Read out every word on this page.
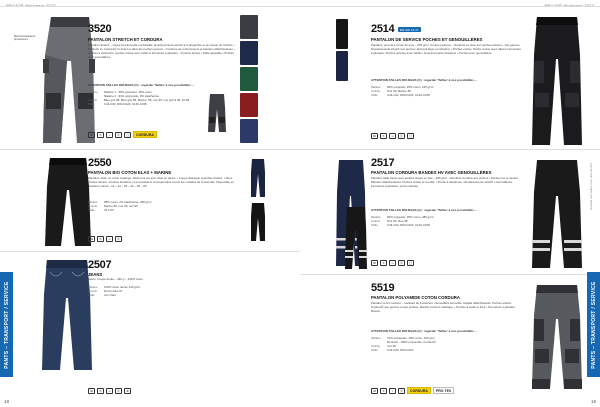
PROJOB Workwear 2023
Renforts/tasques
protecteurs
3520
PANTALON STRETCH ET CORDURA
Pantalon Stretch – coupe fonctionnelle confortable. Empiècements stretch à l'entrejambe et au niveau de l'arrière. • Renforts en Cordura® à l'avant et dans les poches genoux. • Ceinture de renforcement et bandes réfléchissantes. • Poches à cartouche, poches cuisse avec rabat et fermeture à glissière. • Poches arrière • Taille ajustable • Poches pour genouillères.
ATTENTION TAILLES DOUBLES (C) : regarder 'Tailles' à nos possibilités ...
Matière	Matière 1 : 65% polyester, 35% coton
Matière 2 : 91% polyamide, 9% élasthanne
Coloris	Bleu gris 98, Bleu gris 68, Marine, 58, noir 99, noir gris 9 99, 10 99
Taille	C44-C62, D84-D120, C146-C158
40	✕	•	Ⓧ	◯	CORDURA
2550
PANTALON BIO COTON ELAS + MARINE
Pantalon d'été, en coton mélangé. Idéal pour les jeux d'été en pleine – Coupe classique à jambes droites. • Deux poches devant • Poches fessières • Les pantalons correspondent à tous les modèles de l'ensemble. Disponible en plusieurs coloris : 12 – 24 – 26 – 32 – 60 – 80
Matière	98% coton, 2% élasthanne, 280 g/m²
Coloris	Marine 58, noir 99, noir 99
Taille	34 à 50
40	✕	••	Ⓧ
2507
JEANS
Jeans. Coupe droite – 440 g – 100% coton.
Matière	100% coton denim 440 g/m²
Coloris	Denim bleu 57
Taille	voir chart
40	✕	••	Ⓧ	⊗
PANTS – TRANSPORT / SERVICE
18
PROJOB Workwear 2023
2514	EN ISO 13 47
PANTALON DE SERVICE POCHES ET GENOUILLÈRES
Pantalon, pour des zones de tous – 245 g/m². Coupe moderne – Renforts en tissu aux jambes d'avant – bas genoux. Empiècements stretch aux genoux, élément léger et résistant. • Poches cuisse. Poche cuisse avec rabat et fermeture à glissière. Poches arrières avec rabats • Empiècements d'aisance • Poches pour genouillères.
ATTENTION TAILLES DOUBLES (C) : regarder 'Tailles' à nos possibilités ...
Matière	65% polyester, 35% coton, 245 g/m²
Coloris	Noir 99, Marine 58
Taille	C44-C62, D84-D120, C146-C158
60	✕	••	Ⓧ	◯
2517
PANTALON CORDURA BANDES HV AVEC GENOUILLÈRES
Pantalon taille haute avec jambes larges en bas – 280 g/m². • Renforts Cordura aux poches • Poches sur le devant. Bandes réfléchissantes. Poches cuisse et à outils. • Poche à téléphone • Empiècements stretch • Genouillères. Fermeture à glissière, porte-marteau.
ATTENTION TAILLES DOUBLES (C) : regarder 'Tailles' à nos possibilités ...
Matière	65% polyester, 35% coton, 280 g/m²
Coloris	Noir 99, bleu 58
Taille	C44-C62, D84-D120, C146-C158
60	✕	••	Ⓧ	◯
5519
PANTALON POLYAMIDE COTON CORDURA
Pantalon à fort contenu – résistant au frottement. Genouillère amovible. Détails réfléchissants. Poches stretch. Cordura® aux genoux et aux poches. Renfort ceinture élastique. • Poches à outils et tiroir • Fermeture à glissière. Boucle.
ATTENTION TAILLES DOUBLES (C) : regarder 'Tailles' à nos possibilités ...
Matière	70% polyamide, 30% coton, 260 g/m²
Renforts : 100% polyamide, Cordura®
Coloris	noir 99
Taille	C44-C62, D84-D120
40	✕	•	Ⓧ	CORDURA	PRO TEX
Kontakt aux tailles pour plus de dét.
PANTS – TRANSPORT / SERVICE
19
